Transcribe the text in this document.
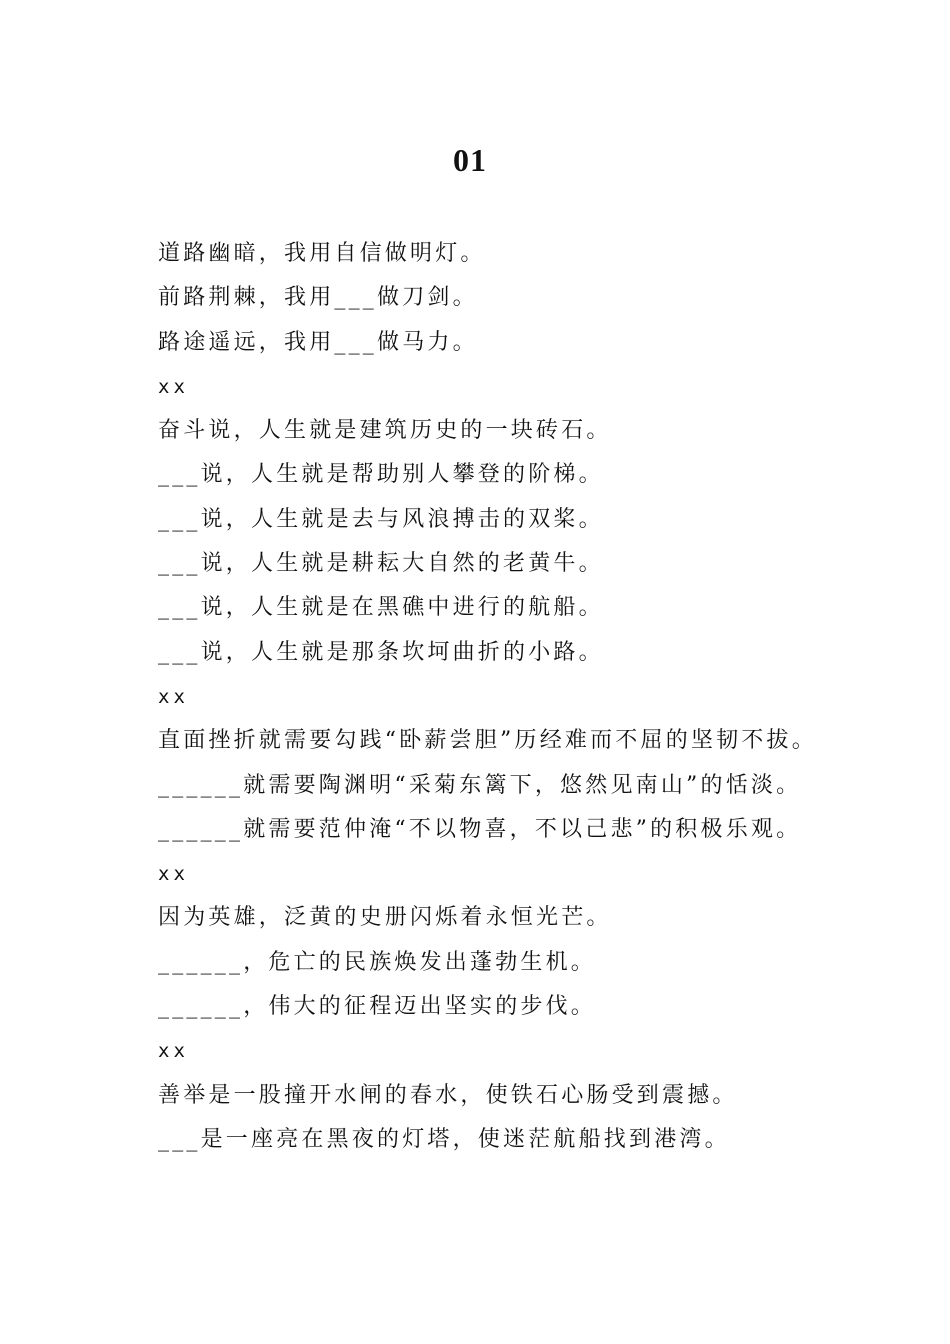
01
道路幽暗，我用自信做明灯。
前路荆棘，我用___做刀剑。
路途遥远，我用___做马力。
xx
奋斗说，人生就是建筑历史的一块砖石。
___说，人生就是帮助别人攀登的阶梯。
___说，人生就是去与风浪搏击的双桨。
___说，人生就是耕耘大自然的老黄牛。
___说，人生就是在黑礁中进行的航船。
___说，人生就是那条坎坷曲折的小路。
xx
直面挫折就需要勾践“卧薪尝胆”历经难而不屈的坚韧不拔。
______就需要陶渊明“采菊东篱下，悠然见南山”的恬淡。
______就需要范仲淹“不以物喜，不以己悲”的积极乐观。
xx
因为英雄，泛黄的史册闪烁着永恒光芒。
______，危亡的民族焕发出蓬勃生机。
______，伟大的征程迈出坚实的步伐。
xx
善举是一股撞开水闸的春水，使铁石心肠受到震撼。
___是一座亮在黑夜的灯塔，使迷茫航船找到港湾。
